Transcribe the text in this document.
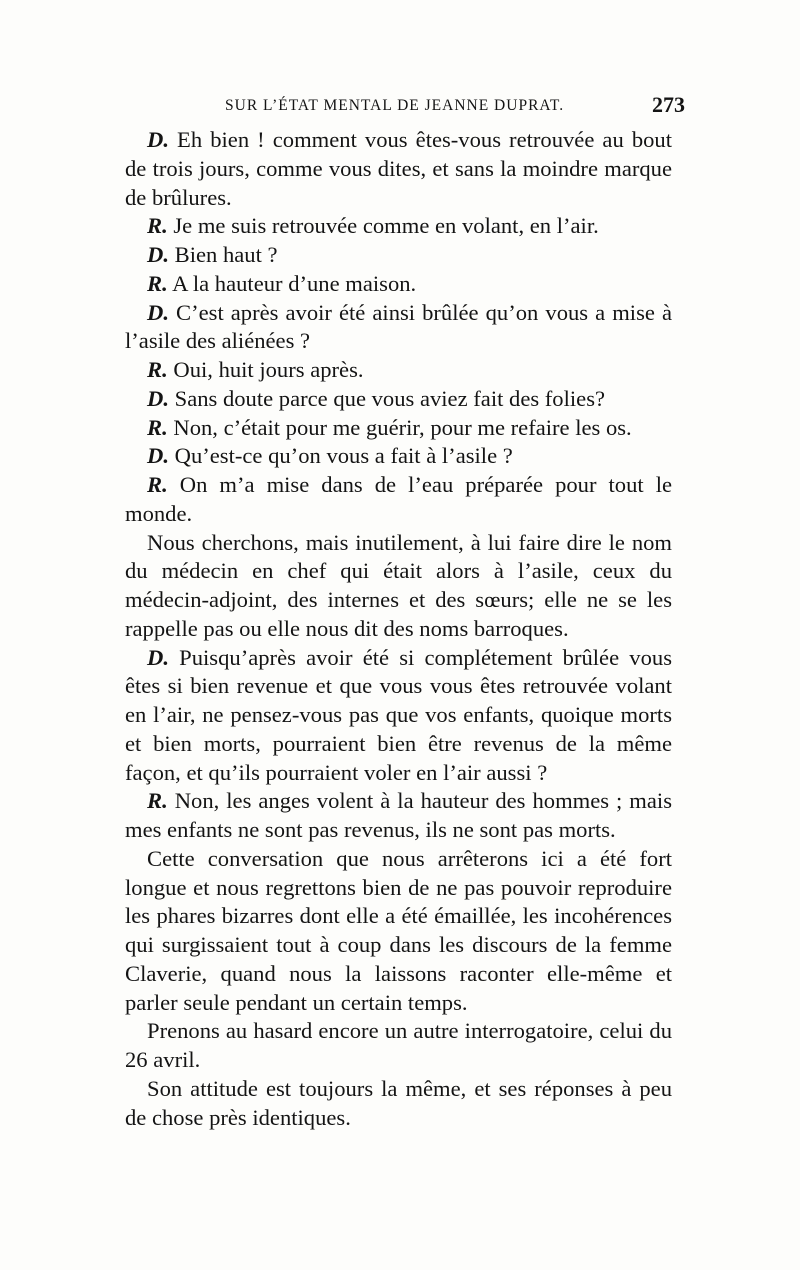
SUR L’ÉTAT MENTAL DE JEANNE DUPRAT.	273

D. Eh bien ! comment vous êtes-vous retrouvée au bout de trois jours, comme vous dites, et sans la moindre marque de brûlures.

R. Je me suis retrouvée comme en volant, en l’air.

D. Bien haut ?

R. A la hauteur d’une maison.

D. C’est après avoir été ainsi brûlée qu’on vous a mise à l’asile des aliénées ?

R. Oui, huit jours après.

D. Sans doute parce que vous aviez fait des folies?

R. Non, c’était pour me guérir, pour me refaire les os.

D. Qu’est-ce qu’on vous a fait à l’asile ?

R. On m’a mise dans de l’eau préparée pour tout le monde.

Nous cherchons, mais inutilement, à lui faire dire le nom du médecin en chef qui était alors à l’asile, ceux du médecin-adjoint, des internes et des sœurs; elle ne se les rappelle pas ou elle nous dit des noms barroques.

D. Puisqu’après avoir été si complétement brûlée vous êtes si bien revenue et que vous vous êtes retrouvée volant en l’air, ne pensez-vous pas que vos enfants, quoique morts et bien morts, pourraient bien être revenus de la même façon, et qu’ils pourraient voler en l’air aussi ?

R. Non, les anges volent à la hauteur des hommes ; mais mes enfants ne sont pas revenus, ils ne sont pas morts.

Cette conversation que nous arrêterons ici a été fort longue et nous regrettons bien de ne pas pouvoir reproduire les phares bizarres dont elle a été émaillée, les incohérences qui surgissaient tout à coup dans les discours de la femme Claverie, quand nous la laissons raconter elle-même et parler seule pendant un certain temps.

Prenons au hasard encore un autre interrogatoire, celui du 26 avril.

Son attitude est toujours la même, et ses réponses à peu de chose près identiques.
